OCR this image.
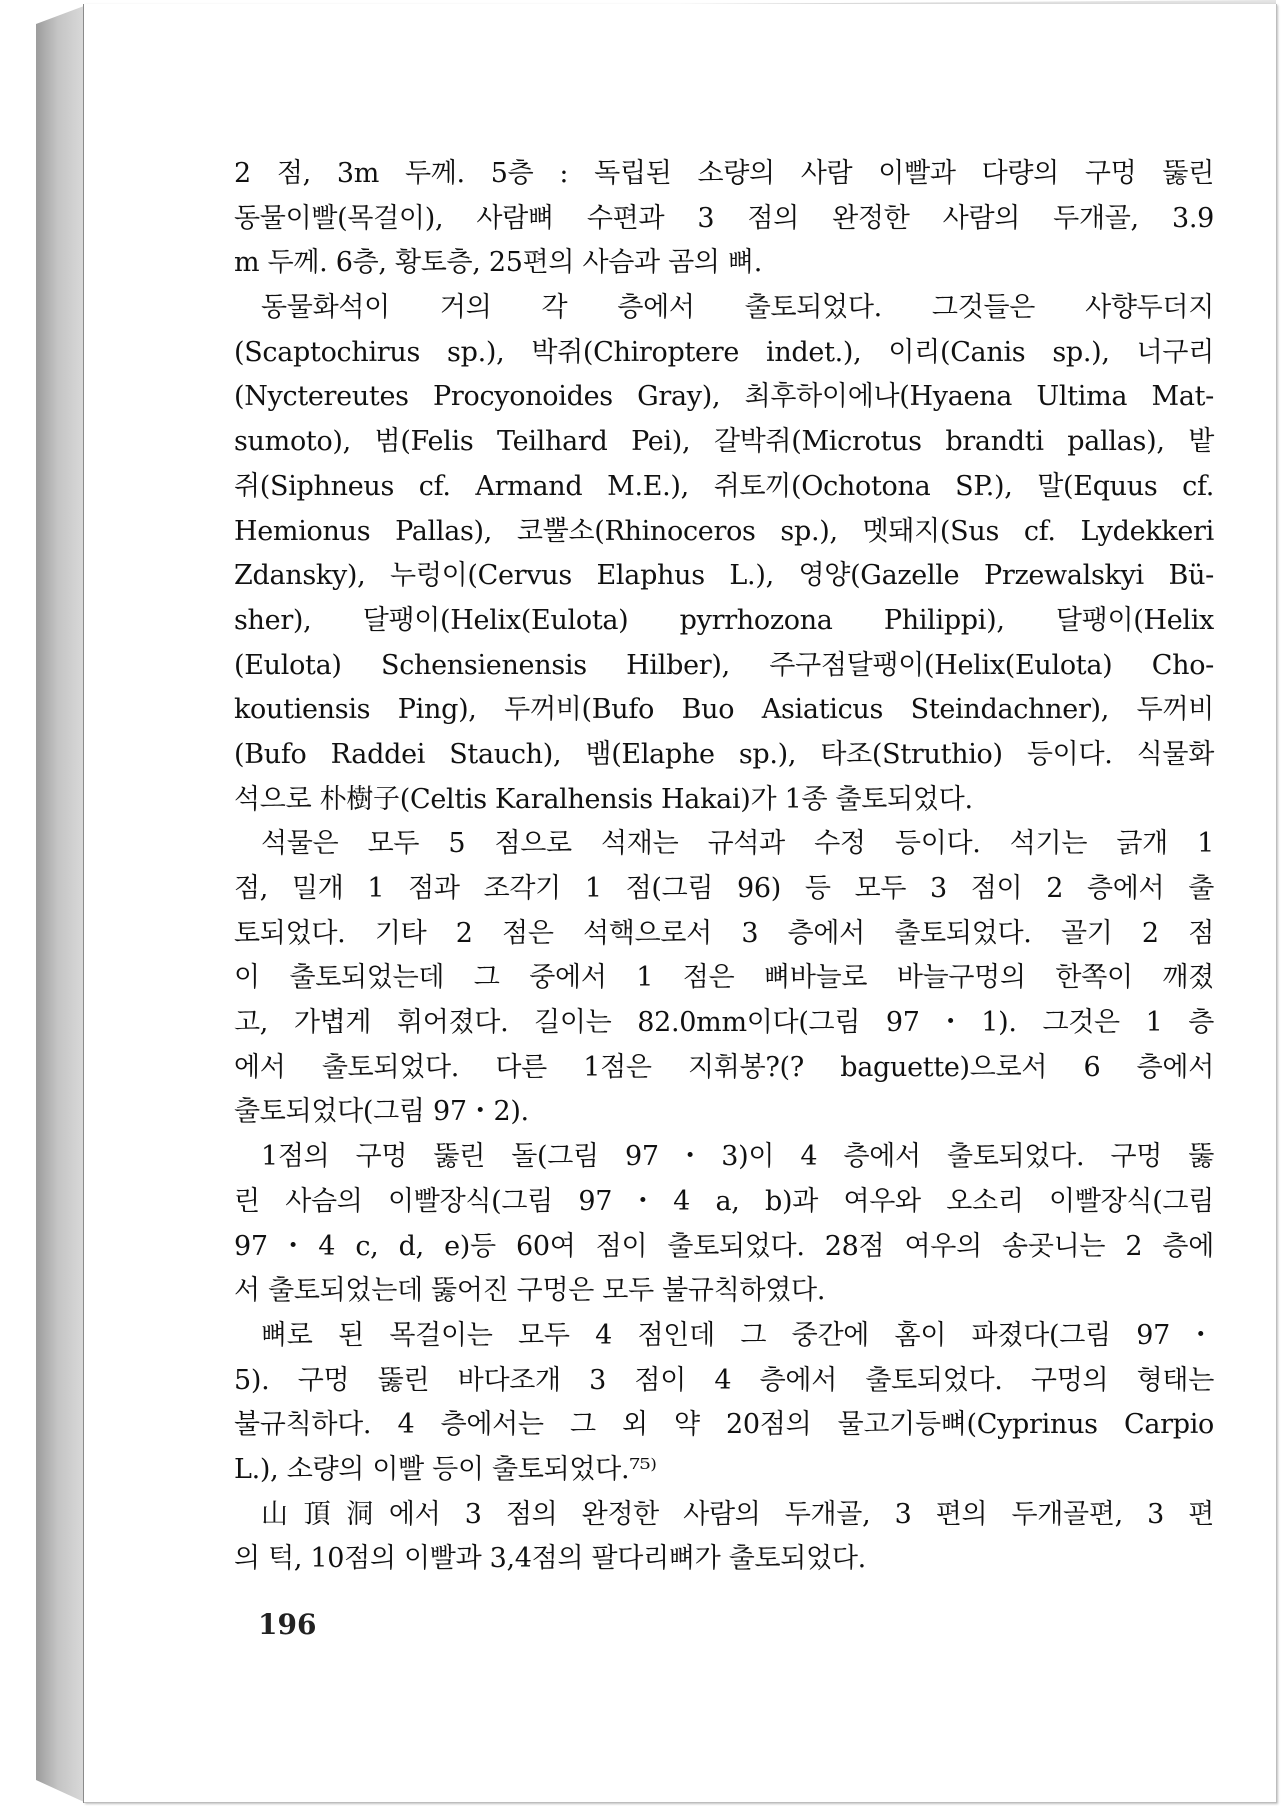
2 점, 3m 두께. 5층 : 독립된 소량의 사람 이빨과 다량의 구멍 뚫린
동물이빨(목걸이), 사람뼈 수편과 3 점의 완정한 사람의 두개골, 3.9
m 두께. 6층, 황토층, 25편의 사슴과 곰의 뼈.
동물화석이 거의 각 층에서 출토되었다. 그것들은 사향두더지
(Scaptochirus sp.), 박쥐(Chiroptere indet.), 이리(Canis sp.), 너구리
(Nyctereutes Procyonoides Gray), 최후하이에나(Hyaena Ultima Mat-
sumoto), 범(Felis Teilhard Pei), 갈박쥐(Microtus brandti pallas), 밭
쥐(Siphneus cf. Armand M.E.), 쥐토끼(Ochotona SP.), 말(Equus cf.
Hemionus Pallas), 코뿔소(Rhinoceros sp.), 멧돼지(Sus cf. Lydekkeri
Zdansky), 누렁이(Cervus Elaphus L.), 영양(Gazelle Przewalskyi Bü-
sher), 달팽이(Helix(Eulota) pyrrhozona Philippi), 달팽이(Helix
(Eulota) Schensienensis Hilber), 주구점달팽이(Helix(Eulota) Cho-
koutiensis Ping), 두꺼비(Bufo Buo Asiaticus Steindachner), 두꺼비
(Bufo Raddei Stauch), 뱀(Elaphe sp.), 타조(Struthio) 등이다. 식물화
석으로 朴樹子(Celtis Karalhensis Hakai)가 1종 출토되었다.
석물은 모두 5 점으로 석재는 규석과 수정 등이다. 석기는 긁개 1
점, 밀개 1 점과 조각기 1 점(그림 96) 등 모두 3 점이 2 층에서 출
토되었다. 기타 2 점은 석핵으로서 3 층에서 출토되었다. 골기 2 점
이 출토되었는데 그 중에서 1 점은 뼈바늘로 바늘구멍의 한쪽이 깨졌
고, 가볍게 휘어졌다. 길이는 82.0mm이다(그림 97・1). 그것은 1 층
에서 출토되었다. 다른 1점은 지휘봉?(? baguette)으로서 6 층에서
출토되었다(그림 97・2).
1점의 구멍 뚫린 돌(그림 97・3)이 4 층에서 출토되었다. 구멍 뚫
린 사슴의 이빨장식(그림 97・4 a, b)과 여우와 오소리 이빨장식(그림
97・4 c, d, e)등 60여 점이 출토되었다. 28점 여우의 송곳니는 2 층에
서 출토되었는데 뚫어진 구멍은 모두 불규칙하였다.
뼈로 된 목걸이는 모두 4 점인데 그 중간에 홈이 파졌다(그림 97・
5). 구멍 뚫린 바다조개 3 점이 4 층에서 출토되었다. 구멍의 형태는
불규칙하다. 4 층에서는 그 외 약 20점의 물고기등뼈(Cyprinus Carpio
L.), 소량의 이빨 등이 출토되었다.⁷⁵⁾
山頂洞에서 3 점의 완정한 사람의 두개골, 3 편의 두개골편, 3 편
의 턱, 10점의 이빨과 3,4점의 팔다리뼈가 출토되었다.
196
